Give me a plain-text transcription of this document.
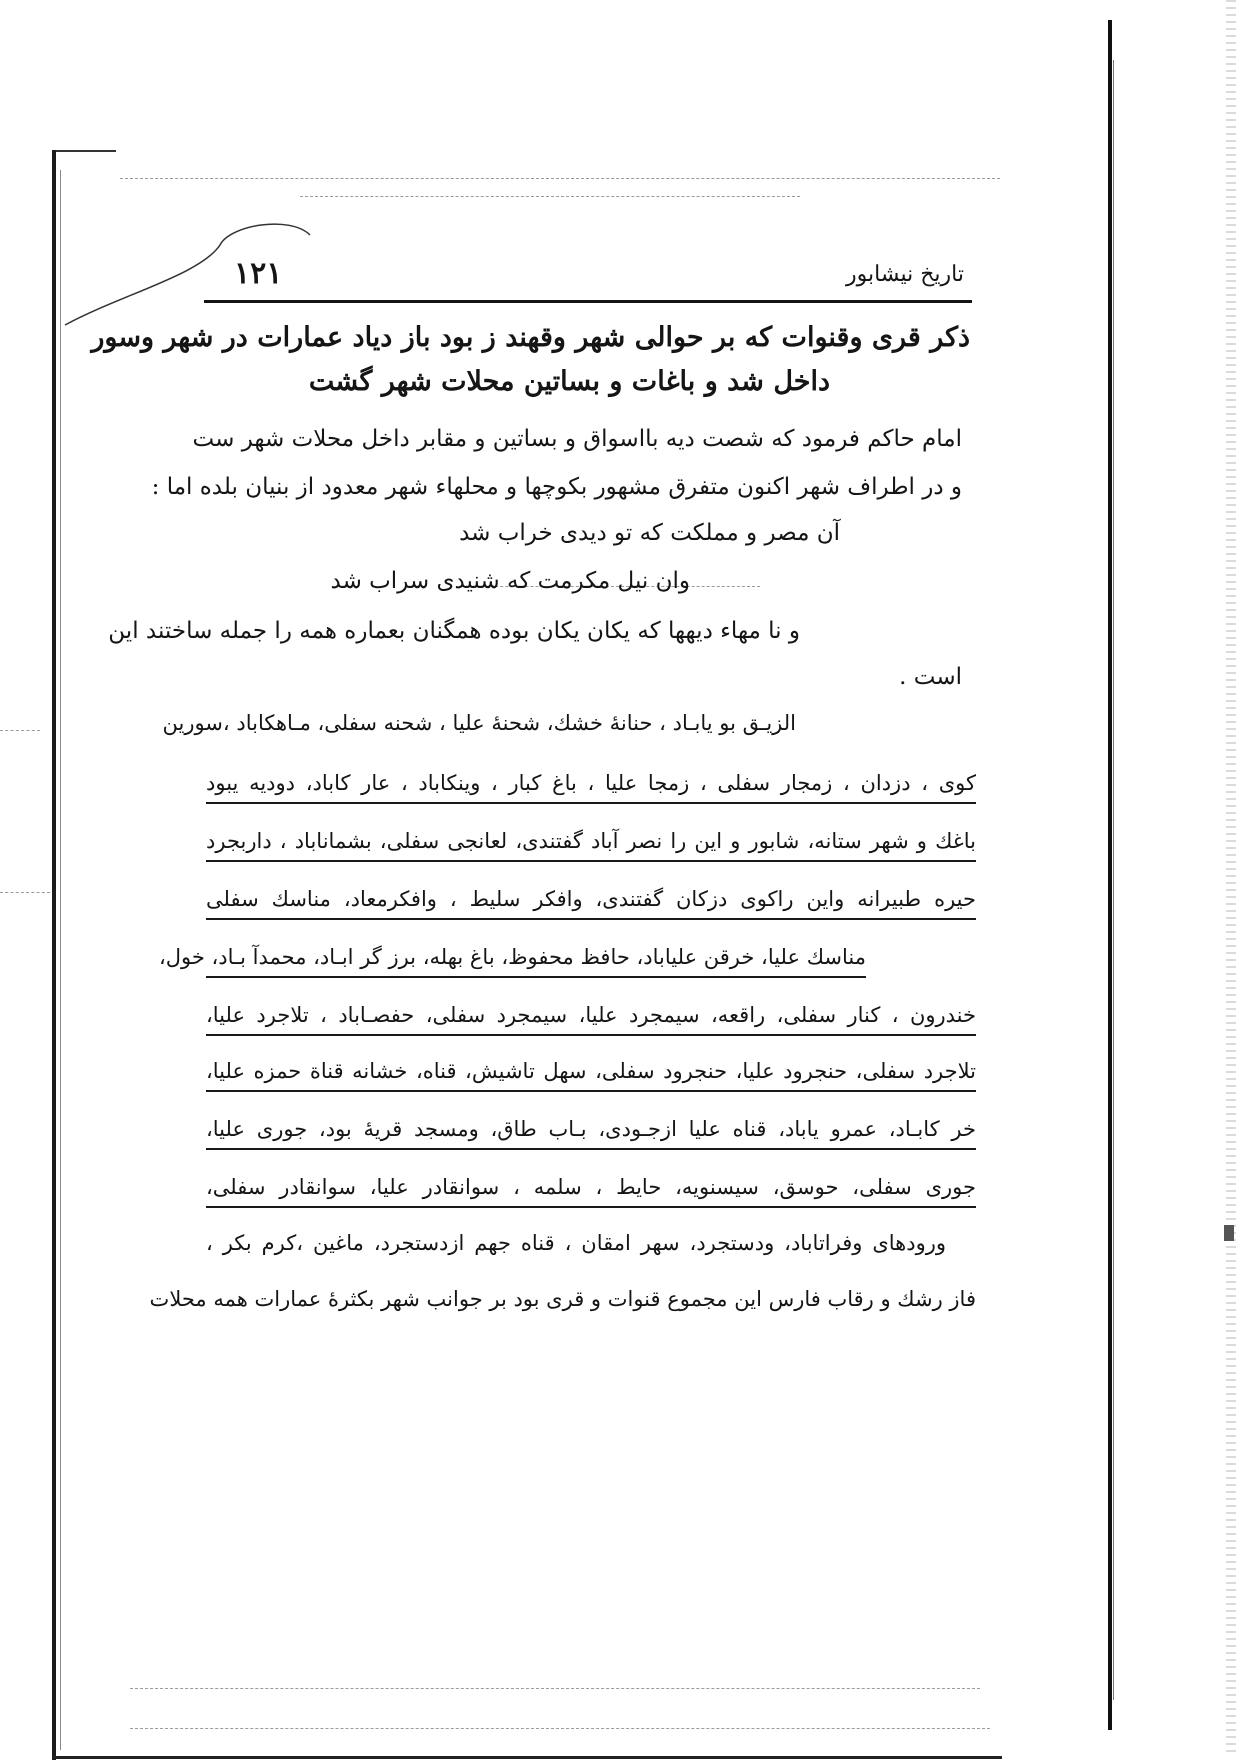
۱۲۱	تاریخ نیشابور
ذکر قری وقنوات که بر حوالی شهر وقهند ز بود باز دیاد عمارات در شهر وسور
داخل شد و باغات و بساتین محلات شهر گشت
امام حاکم فرمود که شصت دیه بااسواق و بساتین و مقابر داخل محلات شهر ست
و در اطراف شهر اکنون متفرق مشهور بکوچها و محلهاء شهر معدود از بنیان بلده اما :
آن مصر و مملکت که تو دیدی خراب شد
وان نیل مکرمت که شنیدی سراب شد
و نا مهاء دیهها که یکان یکان بوده همگنان بعماره همه را جمله ساختند این
است .
الزیـق بو یابـاد ، حنانهٔ خشك، شحنهٔ علیا ، شحنه سفلی، مـاهکاباد ،سورین
کوی ، دزدان ، زمجار سفلی ، زمجا علیا ، باغ کبار ، وینکاباد ، عار کاباد، دودیه یبود
باغك و شهر ستانه، شابور و این را نصر آباد گفتندی، لعانجی سفلی، بشماناباد ، داربجرد
حیره طبیرانه واین راکوی دزکان گفتندی، وافکر سلیط ، وافکرمعاد، مناسك سفلی
مناسك علیا، خرقن علیاباد، حافظ محفوظ، باغ بهله، برز گر ابـاد، محمدآ بـاد، خول،
خندرون ، کنار سفلی، راقعه، سیمجرد علیا، سیمجرد سفلی، حفصـاباد ، تلاجرد علیا،
تلاجرد سفلی، حنجرود علیا، حنجرود سفلی، سهل تاشیش، قناه، خشانه قناة حمزه علیا،
خر کابـاد، عمرو یاباد، قناه علیا ازجـودی، بـاب طاق، ومسجد قریهٔ بود، جوری علیا،
جوری سفلی، حوسق، سیسنویه، حایط ، سلمه ، سوانقادر علیا، سوانقادر سفلی،
ورودهای وفراتاباد، ودستجرد، سهر امقان ، قناه جهم ازدستجرد، ماغین ،کرم بکر ،
فاز رشك و رقاب فارس این مجموع قنوات و قری بود بر جوانب شهر بکثرهٔ عمارات همه محلات
